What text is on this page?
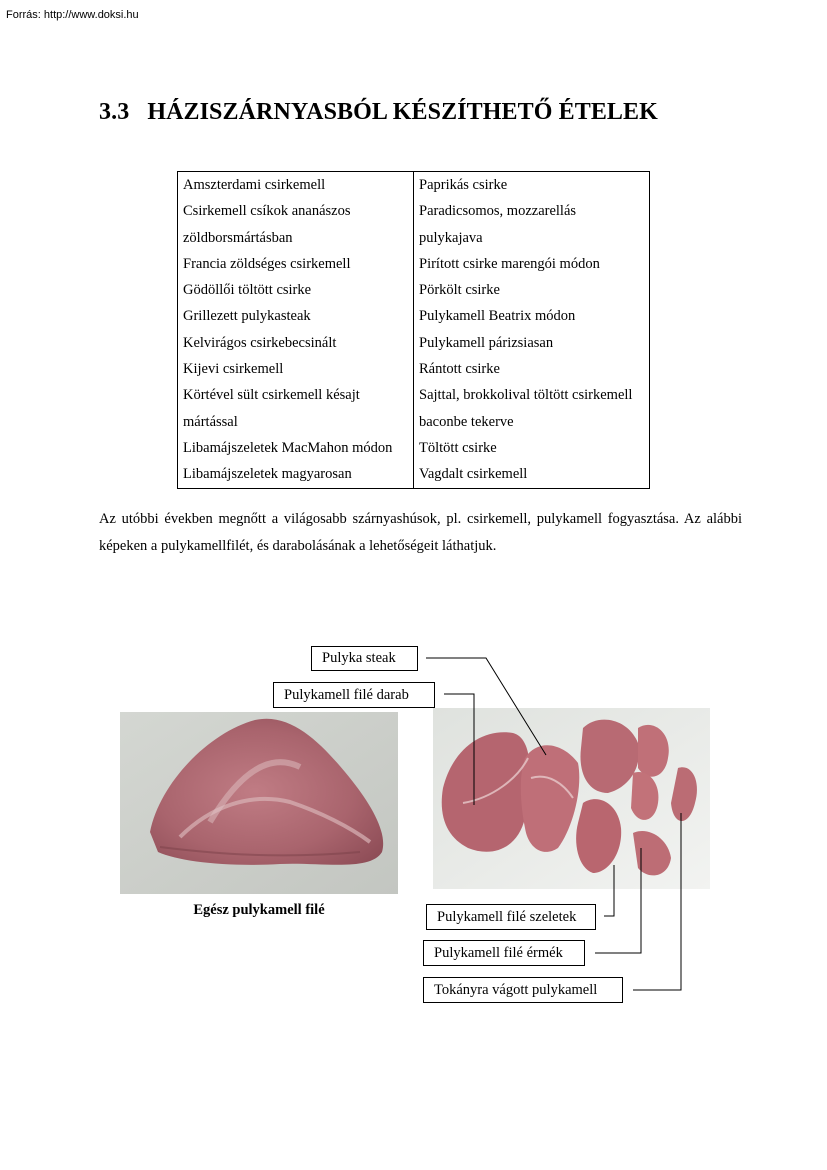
Forrás: http://www.doksi.hu
3.3 HÁZISZÁRNYASBÓL KÉSZÍTHETŐ ÉTELEK
Amszterdami csirkemell
Csirkemell csíkok ananászos
zöldborsmártásban
Francia zöldséges csirkemell
Gödöllői töltött csirke
Grillezett pulykasteak
Kelvirágos csirkebecsinált
Kijevi csirkemell
Körtével sült csirkemell késajt
mártással
Libamájszeletek MacMahon módon
Libamájszeletek magyarosan
Paprikás csirke
Paradicsomos, mozzarellás
pulykajava
Pirított csirke marengói módon
Pörkölt csirke
Pulykamell Beatrix módon
Pulykamell párizsiasan
Rántott csirke
Sajttal, brokkolival töltött csirkemell
baconbe tekerve
Töltött csirke
Vagdalt csirkemell

Az utóbbi években megnőtt a világosabb szárnyashúsok, pl. csirkemell, pulykamell fogyasztása. Az alábbi képeken a pulykamellfilét, és darabolásának a lehetőségeit láthatjuk.

Pulyka steak
Pulykamell filé darab
Pulykamell filé szeletek
Pulykamell filé érmék
Tokányra vágott pulykamell
Egész pulykamell filé
